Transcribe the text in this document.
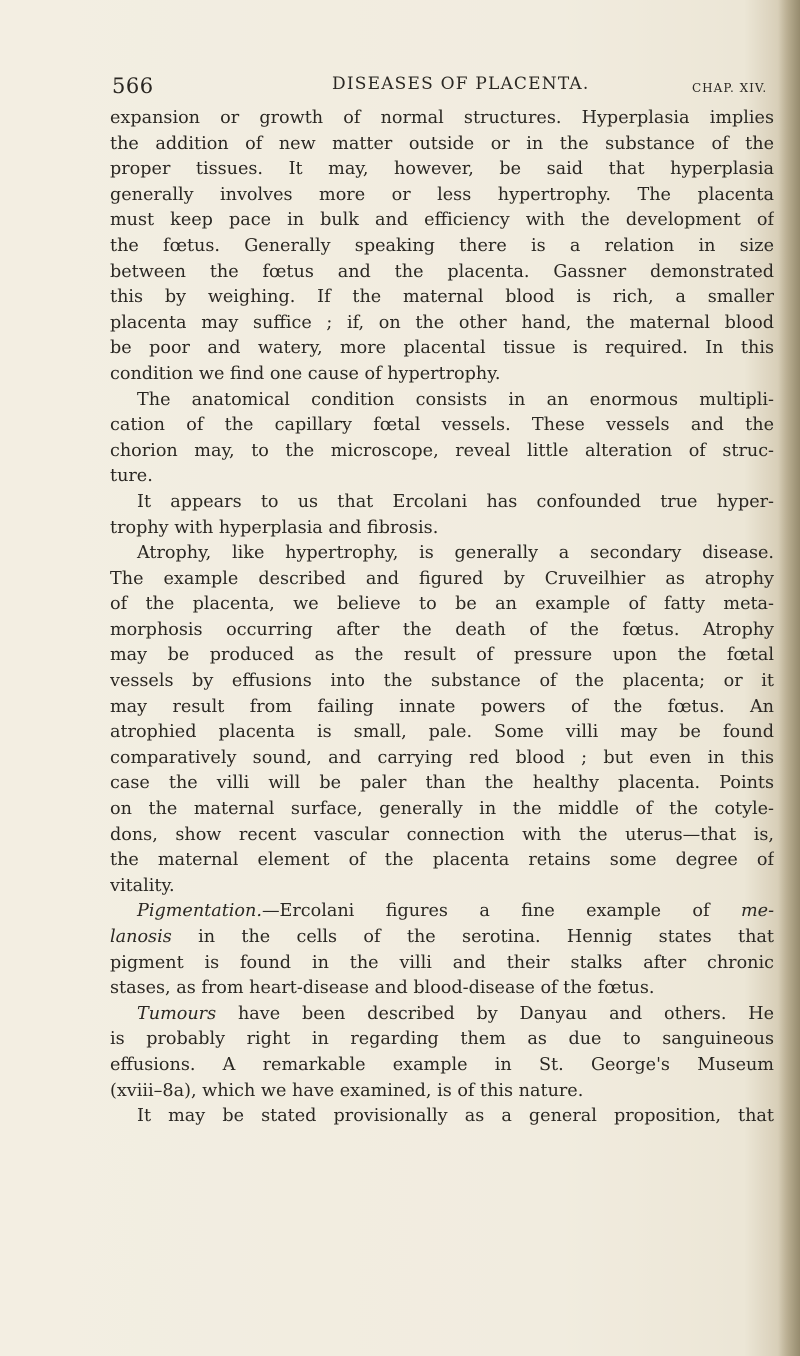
566	DISEASES OF PLACENTA.	CHAP. XIV.
expansion or growth of normal structures. Hyperplasia implies
the addition of new matter outside or in the substance of the
proper tissues. It may, however, be said that hyperplasia
generally involves more or less hypertrophy. The placenta
must keep pace in bulk and efficiency with the development of
the fœtus. Generally speaking there is a relation in size
between the fœtus and the placenta. Gassner demonstrated
this by weighing. If the maternal blood is rich, a smaller
placenta may suffice ; if, on the other hand, the maternal blood
be poor and watery, more placental tissue is required. In this
condition we find one cause of hypertrophy.
The anatomical condition consists in an enormous multipli-
cation of the capillary fœtal vessels. These vessels and the
chorion may, to the microscope, reveal little alteration of struc-
ture.
It appears to us that Ercolani has confounded true hyper-
trophy with hyperplasia and fibrosis.
Atrophy, like hypertrophy, is generally a secondary disease.
The example described and figured by Cruveilhier as atrophy
of the placenta, we believe to be an example of fatty meta-
morphosis occurring after the death of the fœtus. Atrophy
may be produced as the result of pressure upon the fœtal
vessels by effusions into the substance of the placenta; or it
may result from failing innate powers of the fœtus. An
atrophied placenta is small, pale. Some villi may be found
comparatively sound, and carrying red blood ; but even in this
case the villi will be paler than the healthy placenta. Points
on the maternal surface, generally in the middle of the cotyle-
dons, show recent vascular connection with the uterus—that is,
the maternal element of the placenta retains some degree of
vitality.
Pigmentation.—Ercolani figures a fine example of me-
lanosis in the cells of the serotina. Hennig states that
pigment is found in the villi and their stalks after chronic
stases, as from heart-disease and blood-disease of the fœtus.
Tumours have been described by Danyau and others. He
is probably right in regarding them as due to sanguineous
effusions. A remarkable example in St. George's Museum
(xviii–8a), which we have examined, is of this nature.
It may be stated provisionally as a general proposition, that
